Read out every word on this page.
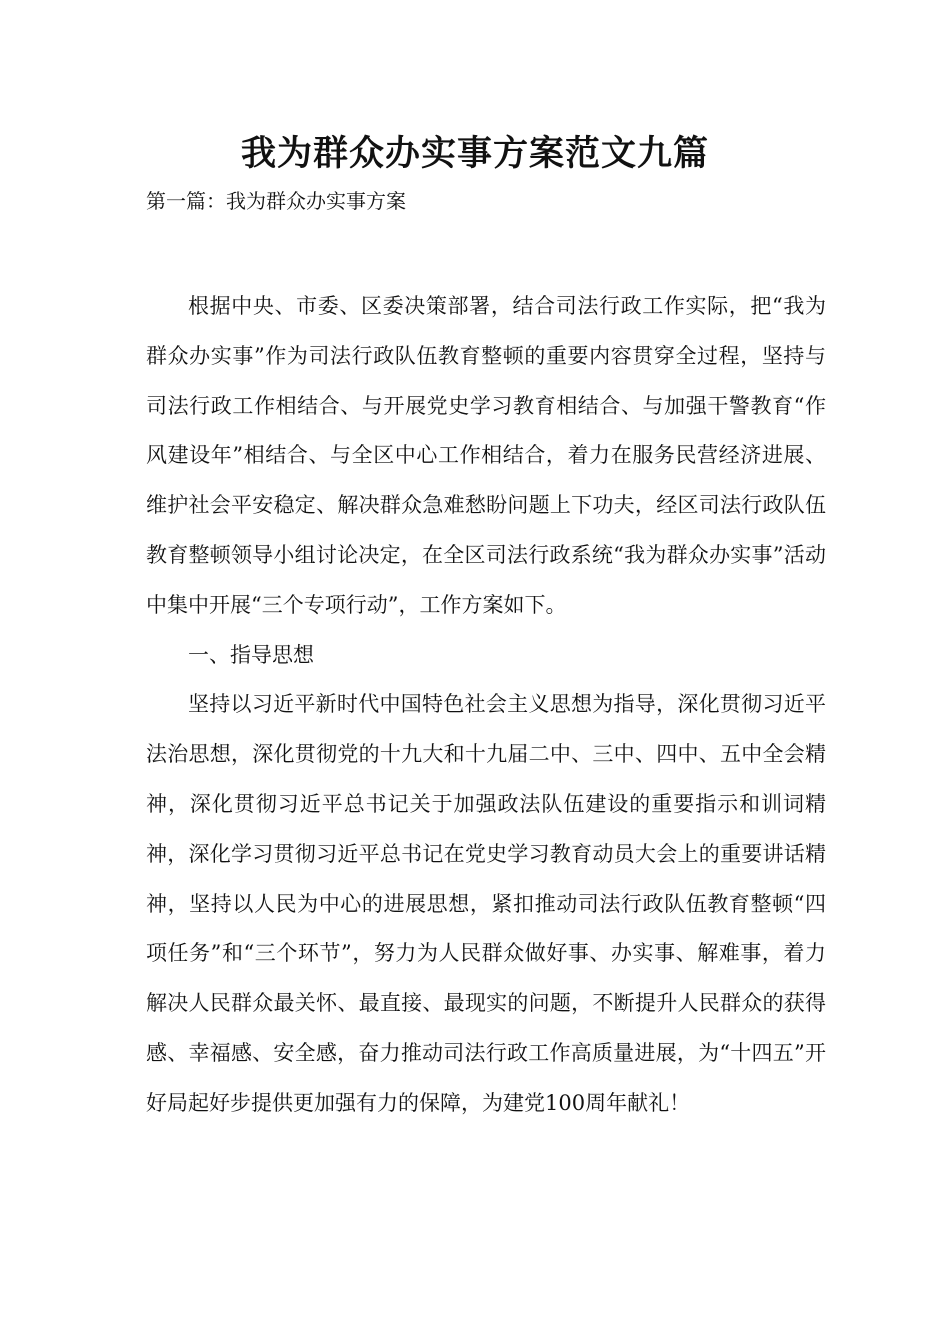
我为群众办实事方案范文九篇
第一篇：我为群众办实事方案

根据中央、市委、区委决策部署，结合司法行政工作实际，把“我为群众办实事”作为司法行政队伍教育整顿的重要内容贯穿全过程，坚持与司法行政工作相结合、与开展党史学习教育相结合、与加强干警教育“作风建设年”相结合、与全区中心工作相结合，着力在服务民营经济进展、维护社会平安稳定、解决群众急难愁盼问题上下功夫，经区司法行政队伍教育整顿领导小组讨论决定，在全区司法行政系统“我为群众办实事”活动中集中开展“三个专项行动”，工作方案如下。

一、指导思想

坚持以习近平新时代中国特色社会主义思想为指导，深化贯彻习近平法治思想，深化贯彻党的十九大和十九届二中、三中、四中、五中全会精神，深化贯彻习近平总书记关于加强政法队伍建设的重要指示和训词精神，深化学习贯彻习近平总书记在党史学习教育动员大会上的重要讲话精神，坚持以人民为中心的进展思想，紧扣推动司法行政队伍教育整顿“四项任务”和“三个环节”，努力为人民群众做好事、办实事、解难事，着力解决人民群众最关怀、最直接、最现实的问题，不断提升人民群众的获得感、幸福感、安全感，奋力推动司法行政工作高质量进展，为“十四五”开好局起好步提供更加强有力的保障，为建党100周年献礼！
